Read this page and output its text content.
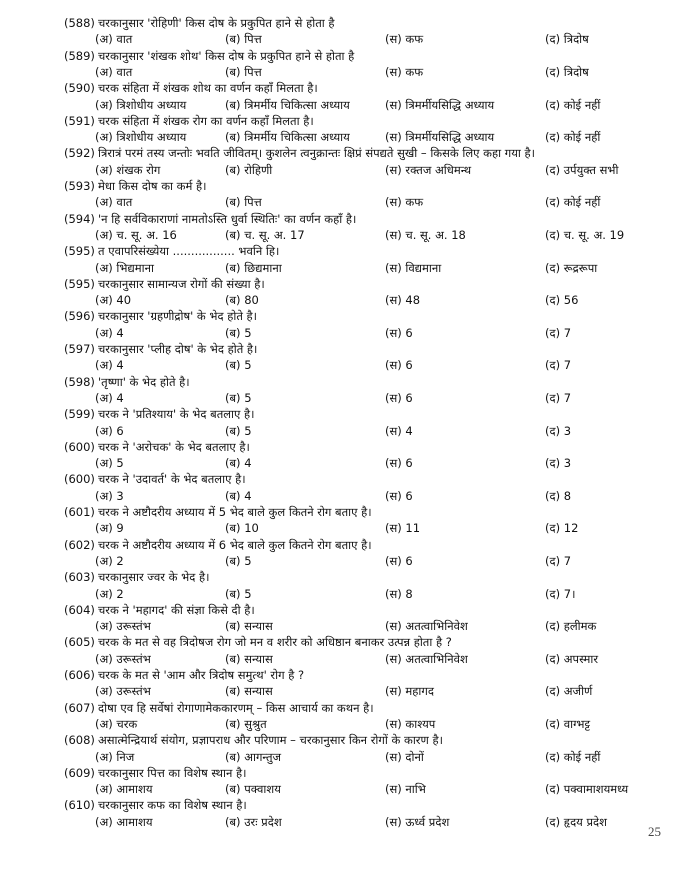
(588) चरकानुसार 'रोहिणी' किस दोष के प्रकुपित हाने से होता है
(अ) वात	(ब) पित्त	(स) कफ	(द) त्रिदोष
(589) चरकानुसार 'शंखक शोथ' किस दोष के प्रकुपित हाने से होता है
(अ) वात	(ब) पित्त	(स) कफ	(द) त्रिदोष
(590) चरक संहिता में शंखक शोथ का वर्णन कहाँ मिलता है।
(अ) त्रिशोधीय अध्याय	(ब) त्रिमर्मीय चिकित्सा अध्याय	(स) त्रिमर्मीयसिद्धि अध्याय	(द) कोई नहीं
(591) चरक संहिता में शंखक रोग का वर्णन कहाँ मिलता है।
(अ) त्रिशोधीय अध्याय	(ब) त्रिमर्मीय चिकित्सा अध्याय	(स) त्रिमर्मीयसिद्धि अध्याय	(द) कोई नहीं
(592) त्रिरात्रं परमं तस्य जन्तोः भवति जीवितम्। कुशलेन त्वनुक्रान्तः क्षिप्रं संपद्यते सुखी – किसके लिए कहा गया है।
(अ) शंखक रोग	(ब) रोहिणी	(स) रक्तज अधिमन्थ	(द) उर्पयुक्त सभी
(593) मेधा किस दोष का कर्म है।
(अ) वात	(ब) पित्त	(स) कफ	(द) कोई नहीं
(594) 'न हि सर्वविकाराणां नामतोऽस्ति धुर्वा स्थितिः' का वर्णन कहाँ है।
(अ) च. सू. अ. 16	(ब) च. सू. अ. 17	(स) च. सू. अ. 18	(द) च. सू. अ. 19
(595) त एवापरिसंख्येया ................. भवनि हि।
(अ) भिद्यमाना	(ब) छिद्यमाना	(स) विद्यमाना	(द) रूद्ररूपा
(595) चरकानुसार सामान्यज रोगों की संख्या है।
(अ) 40	(ब) 80	(स) 48	(द) 56
(596) चरकानुसार 'ग्रहणीद्रोष' के भेद होते है।
(अ) 4	(ब) 5	(स) 6	(द) 7
(597) चरकानुसार 'प्लीह दोष' के भेद होते है।
(अ) 4	(ब) 5	(स) 6	(द) 7
(598) 'तृष्णा' के भेद होते है।
(अ) 4	(ब) 5	(स) 6	(द) 7
(599) चरक ने 'प्रतिश्याय' के भेद बतलाए है।
(अ) 6	(ब) 5	(स) 4	(द) 3
(600) चरक ने 'अरोचक' के भेद बतलाए है।
(अ) 5	(ब) 4	(स) 6	(द) 3
(600) चरक ने 'उदावर्त' के भेद बतलाए है।
(अ) 3	(ब) 4	(स) 6	(द) 8
(601) चरक ने अष्टौदरीय अध्याय में 5 भेद बाले कुल कितने रोग बताए है।
(अ) 9	(ब) 10	(स) 11	(द) 12
(602) चरक ने अष्टौदरीय अध्याय में 6 भेद बाले कुल कितने रोग बताए है।
(अ) 2	(ब) 5	(स) 6	(द) 7
(603) चरकानुसार ज्वर के भेद है।
(अ) 2	(ब) 5	(स) 8	(द) 7।
(604) चरक ने 'महागद' की संज्ञा किसे दी है।
(अ) उरूस्तंभ	(ब) सन्यास	(स) अतत्वाभिनिवेश	(द) हलीमक
(605) चरक के मत से वह त्रिदोषज रोग जो मन व शरीर को अधिष्ठान बनाकर उत्पन्न होता है ?
(अ) उरूस्तंभ	(ब) सन्यास	(स) अतत्वाभिनिवेश	(द) अपस्मार
(606) चरक के मत से 'आम और त्रिदोष समुत्थ' रोग है ?
(अ) उरूस्तंभ	(ब) सन्यास	(स) महागद	(द) अजीर्ण
(607) दोषा एव हि सर्वेषां रोगाणामेककारणम् – किस आचार्य का कथन है।
(अ) चरक	(ब) सुश्रुत	(स) काश्यप	(द) वाग्भट्ट
(608) असात्मेन्द्रियार्थ संयोग, प्रज्ञापराध और परिणाम – चरकानुसार किन रोगों के कारण है।
(अ) निज	(ब) आगन्तुज	(स) दोनों	(द) कोई नहीं
(609) चरकानुसार पित्त का विशेष स्थान है।
(अ) आमाशय	(ब) पक्वाशय	(स) नाभि	(द) पक्वामाशयमध्य
(610) चरकानुसार कफ का विशेष स्थान है।
(अ) आमाशय	(ब) उरः प्रदेश	(स) ऊर्ध्व प्रदेश	(द) हृदय प्रदेश
25
